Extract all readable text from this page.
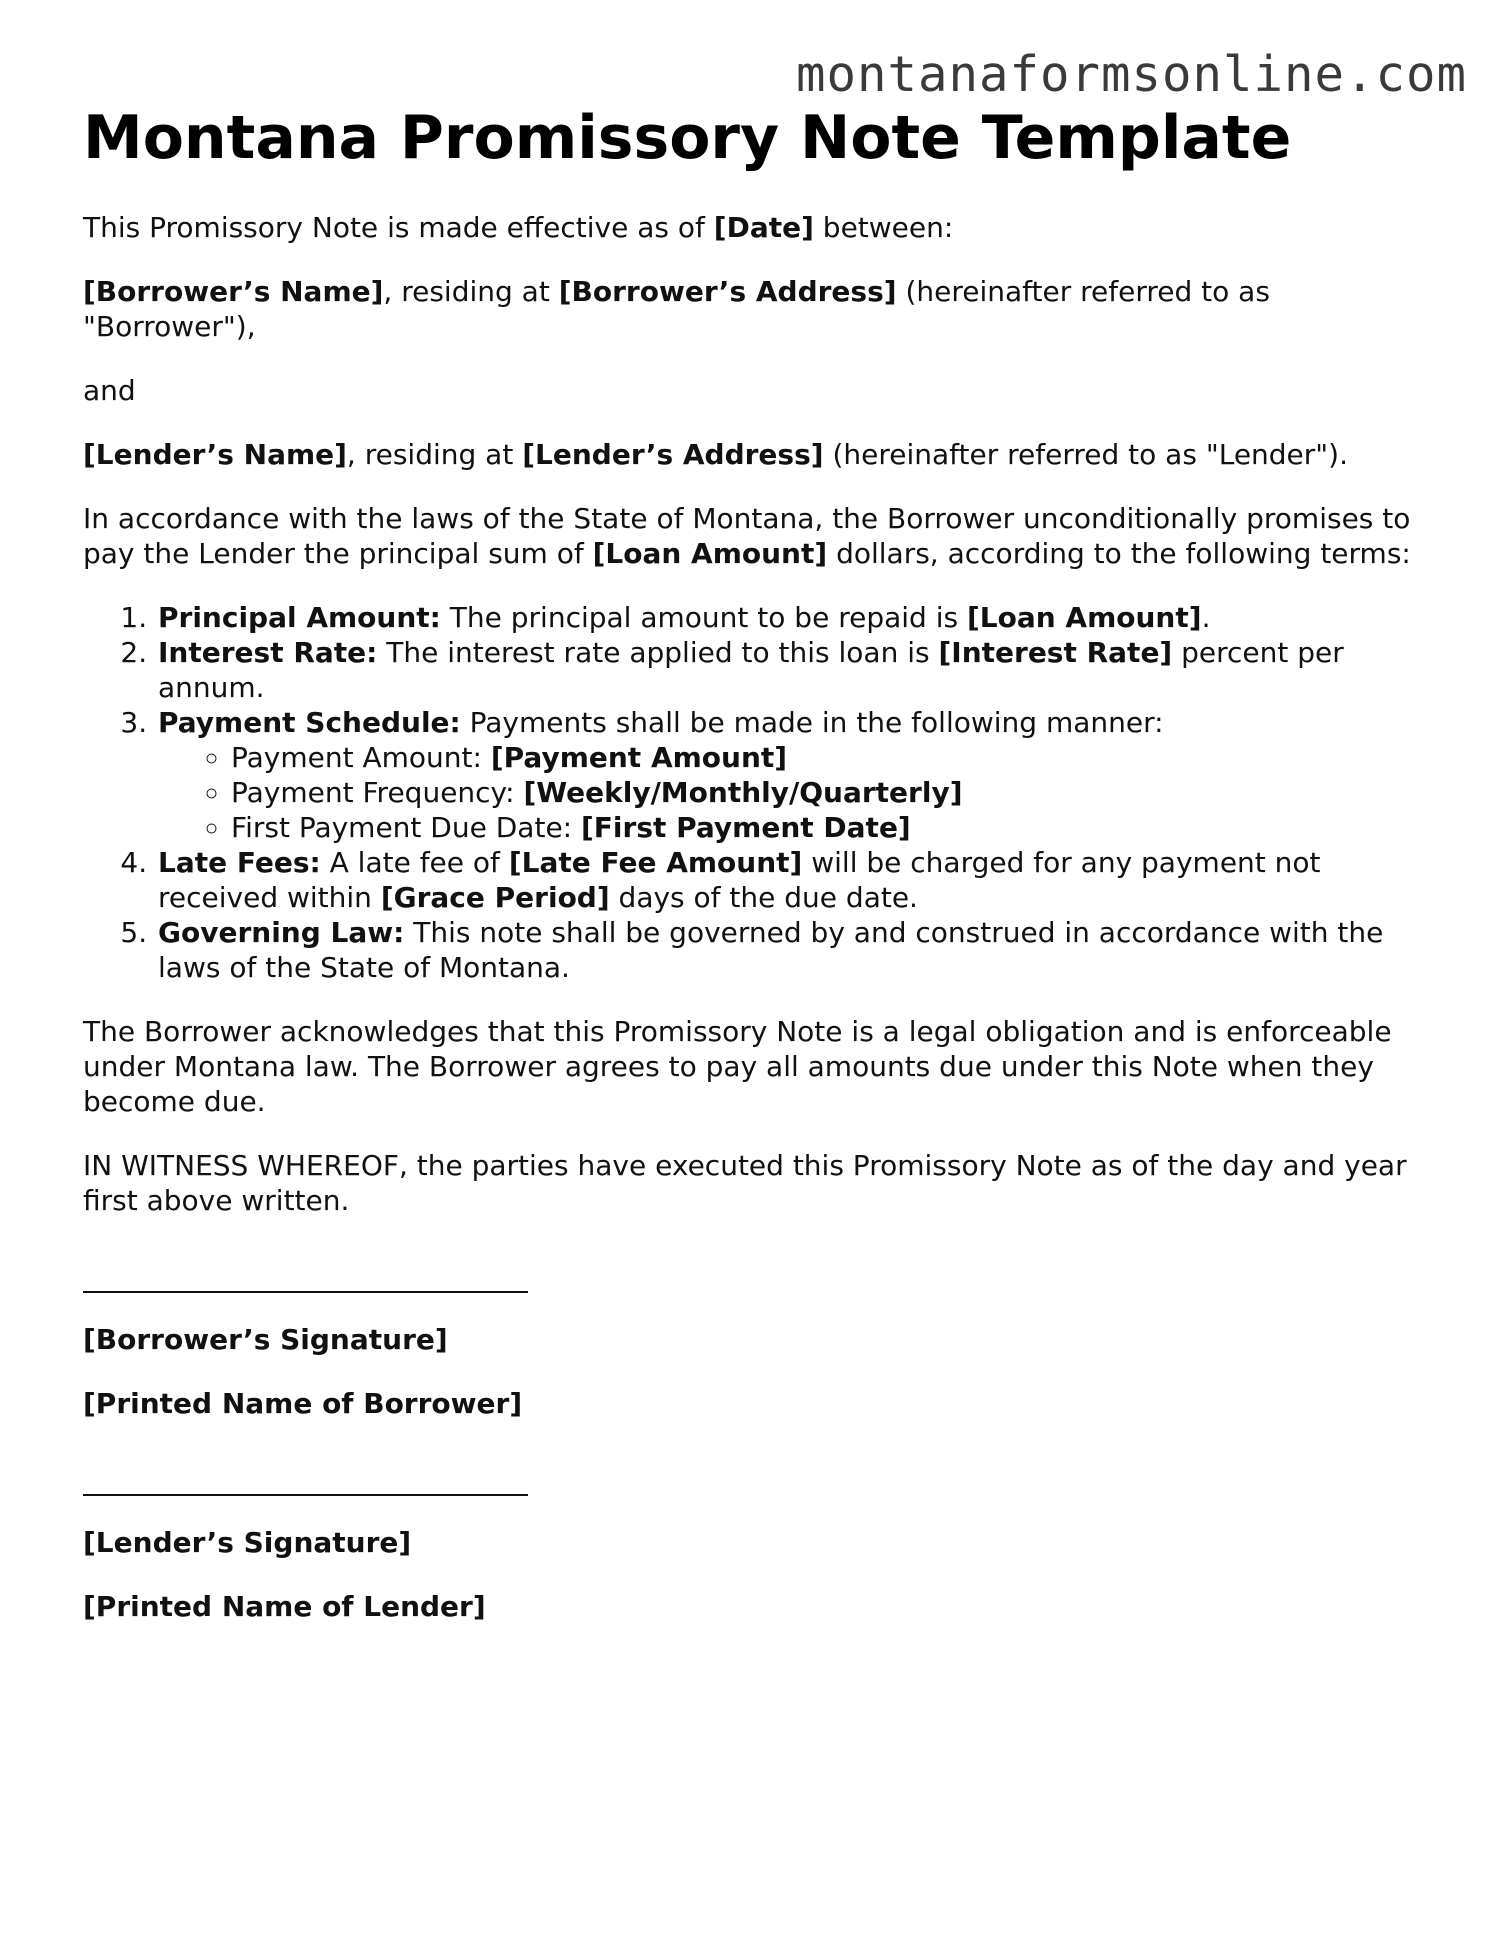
montanaformsonline.com
Montana Promissory Note Template

This Promissory Note is made effective as of [Date] between:

[Borrower’s Name], residing at [Borrower’s Address] (hereinafter referred to as "Borrower"),

and

[Lender’s Name], residing at [Lender’s Address] (hereinafter referred to as "Lender").

In accordance with the laws of the State of Montana, the Borrower unconditionally promises to pay the Lender the principal sum of [Loan Amount] dollars, according to the following terms:

1. Principal Amount: The principal amount to be repaid is [Loan Amount].
2. Interest Rate: The interest rate applied to this loan is [Interest Rate] percent per annum.
3. Payment Schedule: Payments shall be made in the following manner:
◦ Payment Amount: [Payment Amount]
◦ Payment Frequency: [Weekly/Monthly/Quarterly]
◦ First Payment Due Date: [First Payment Date]
4. Late Fees: A late fee of [Late Fee Amount] will be charged for any payment not received within [Grace Period] days of the due date.
5. Governing Law: This note shall be governed by and construed in accordance with the laws of the State of Montana.

The Borrower acknowledges that this Promissory Note is a legal obligation and is enforceable under Montana law. The Borrower agrees to pay all amounts due under this Note when they become due.

IN WITNESS WHEREOF, the parties have executed this Promissory Note as of the day and year first above written.

[Borrower’s Signature]

[Printed Name of Borrower]

[Lender’s Signature]

[Printed Name of Lender]
